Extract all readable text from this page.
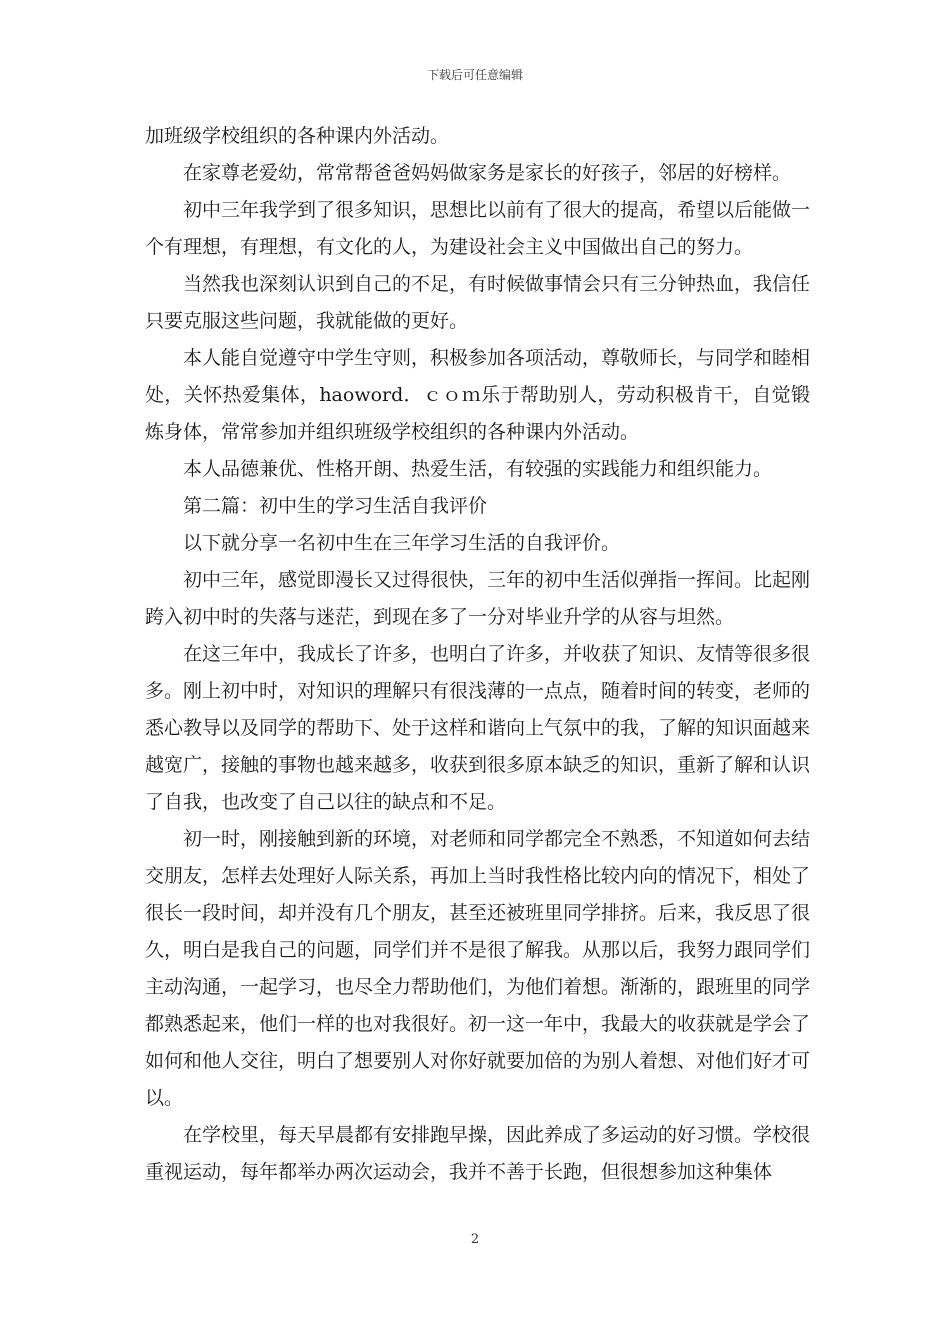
下载后可任意编辑

加班级学校组织的各种课内外活动。

在家尊老爱幼，常常帮爸爸妈妈做家务是家长的好孩子，邻居的好榜样。

初中三年我学到了很多知识，思想比以前有了很大的提高，希望以后能做一个有理想，有理想，有文化的人，为建设社会主义中国做出自己的努力。

当然我也深刻认识到自己的不足，有时候做事情会只有三分钟热血，我信任只要克服这些问题，我就能做的更好。

本人能自觉遵守中学生守则，积极参加各项活动，尊敬师长，与同学和睦相处，关怀热爱集体，haoword．ｃｏｍ乐于帮助别人，劳动积极肯干，自觉锻炼身体，常常参加并组织班级学校组织的各种课内外活动。

本人品德兼优、性格开朗、热爱生活，有较强的实践能力和组织能力。

第二篇：初中生的学习生活自我评价

以下就分享一名初中生在三年学习生活的自我评价。

初中三年，感觉即漫长又过得很快，三年的初中生活似弹指一挥间。比起刚跨入初中时的失落与迷茫，到现在多了一分对毕业升学的从容与坦然。

在这三年中，我成长了许多，也明白了许多，并收获了知识、友情等很多很多。刚上初中时，对知识的理解只有很浅薄的一点点，随着时间的转变，老师的悉心教导以及同学的帮助下、处于这样和谐向上气氛中的我，了解的知识面越来越宽广，接触的事物也越来越多，收获到很多原本缺乏的知识，重新了解和认识了自我，也改变了自己以往的缺点和不足。

初一时，刚接触到新的环境，对老师和同学都完全不熟悉，不知道如何去结交朋友，怎样去处理好人际关系，再加上当时我性格比较内向的情况下，相处了很长一段时间，却并没有几个朋友，甚至还被班里同学排挤。后来，我反思了很久，明白是我自己的问题，同学们并不是很了解我。从那以后，我努力跟同学们主动沟通，一起学习，也尽全力帮助他们，为他们着想。渐渐的，跟班里的同学都熟悉起来，他们一样的也对我很好。初一这一年中，我最大的收获就是学会了如何和他人交往，明白了想要别人对你好就要加倍的为别人着想、对他们好才可以。

在学校里，每天早晨都有安排跑早操，因此养成了多运动的好习惯。学校很重视运动，每年都举办两次运动会，我并不善于长跑，但很想参加这种集体

2
